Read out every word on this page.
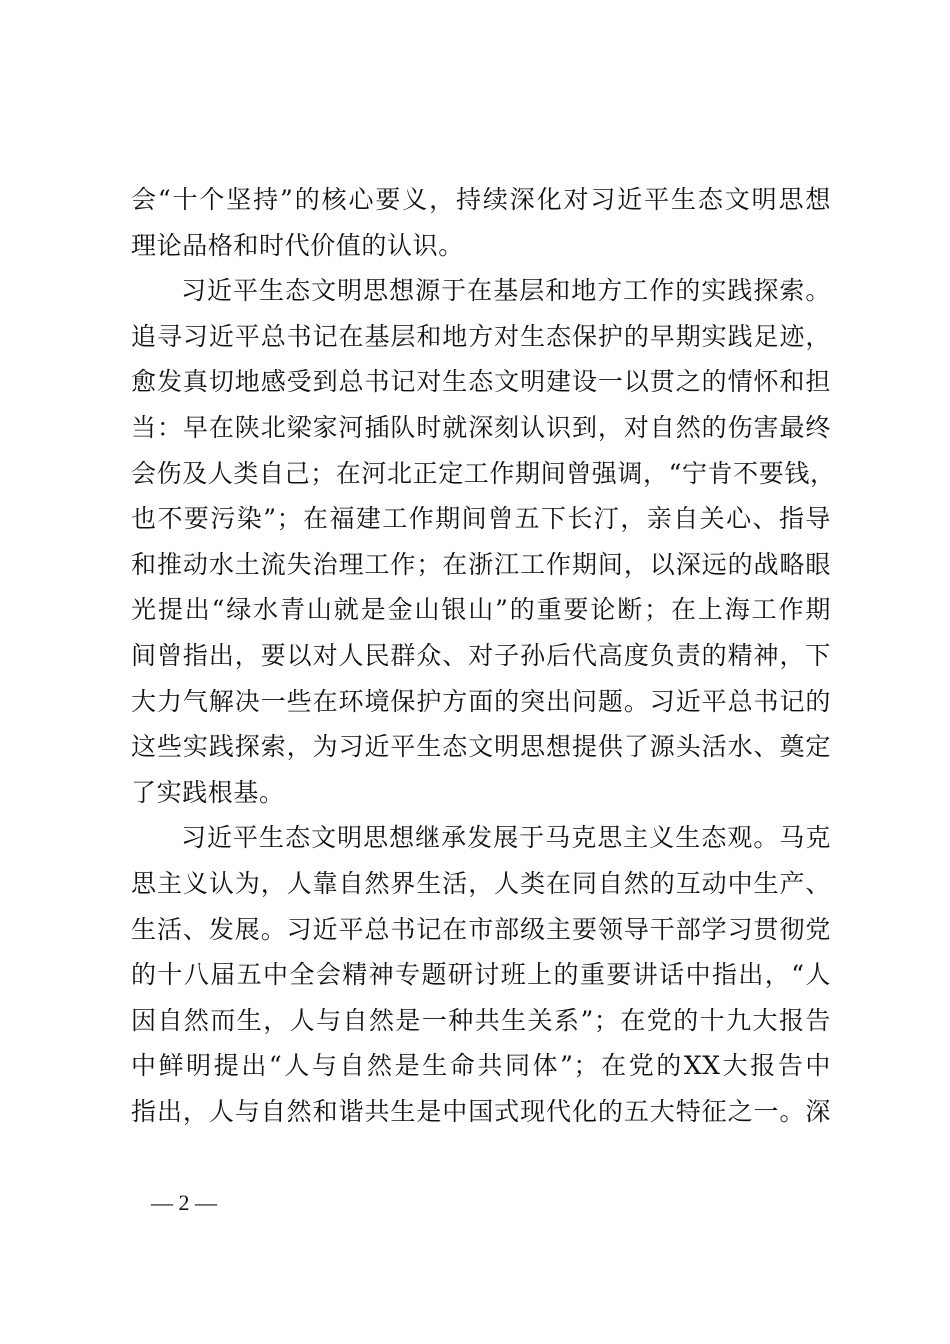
会“十个坚持”的核心要义，持续深化对习近平生态文明思想
理论品格和时代价值的认识。
习近平生态文明思想源于在基层和地方工作的实践探索。
追寻习近平总书记在基层和地方对生态保护的早期实践足迹，
愈发真切地感受到总书记对生态文明建设一以贯之的情怀和担
当：早在陕北梁家河插队时就深刻认识到，对自然的伤害最终
会伤及人类自己；在河北正定工作期间曾强调，“宁肯不要钱，
也不要污染”；在福建工作期间曾五下长汀，亲自关心、指导
和推动水土流失治理工作；在浙江工作期间，以深远的战略眼
光提出“绿水青山就是金山银山”的重要论断；在上海工作期
间曾指出，要以对人民群众、对子孙后代高度负责的精神，下
大力气解决一些在环境保护方面的突出问题。习近平总书记的
这些实践探索，为习近平生态文明思想提供了源头活水、奠定
了实践根基。
习近平生态文明思想继承发展于马克思主义生态观。马克
思主义认为，人靠自然界生活，人类在同自然的互动中生产、
生活、发展。习近平总书记在市部级主要领导干部学习贯彻党
的十八届五中全会精神专题研讨班上的重要讲话中指出，“人
因自然而生，人与自然是一种共生关系”；在党的十九大报告
中鲜明提出“人与自然是生命共同体”；在党的XX大报告中
指出，人与自然和谐共生是中国式现代化的五大特征之一。深
— 2 —
